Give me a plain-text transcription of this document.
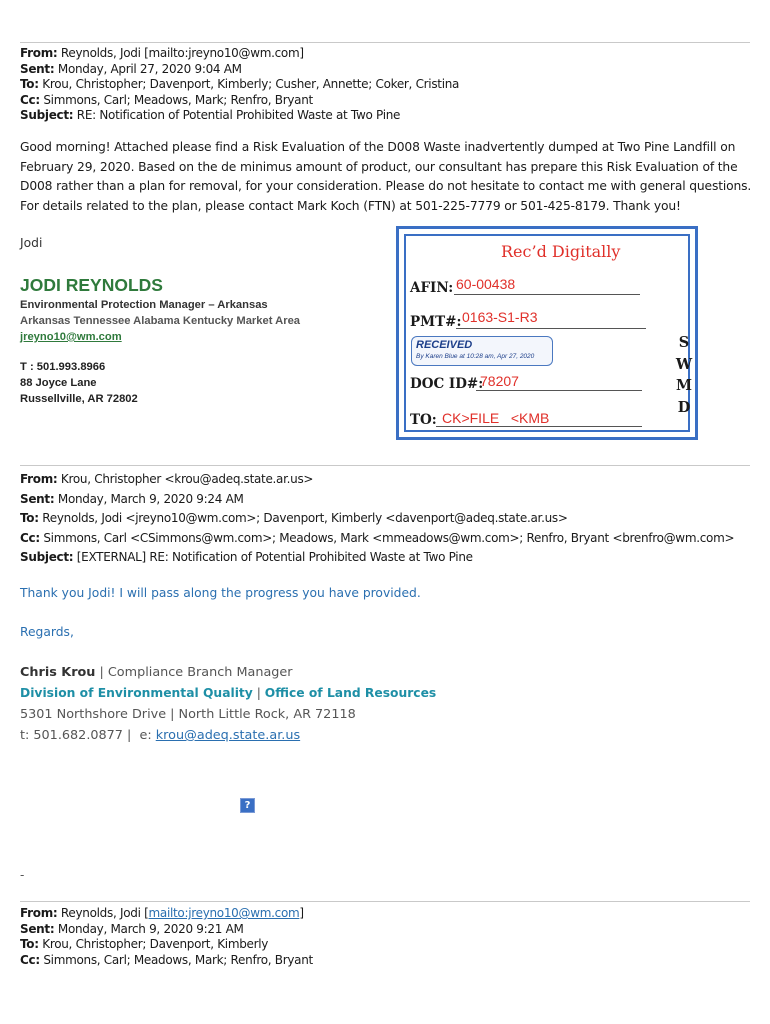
From: Reynolds, Jodi [mailto:jreyno10@wm.com]
Sent: Monday, April 27, 2020 9:04 AM
To: Krou, Christopher; Davenport, Kimberly; Cusher, Annette; Coker, Cristina
Cc: Simmons, Carl; Meadows, Mark; Renfro, Bryant
Subject: RE: Notification of Potential Prohibited Waste at Two Pine
Good morning! Attached please find a Risk Evaluation of the D008 Waste inadvertently dumped at Two Pine Landfill on February 29, 2020. Based on the de minimus amount of product, our consultant has prepare this Risk Evaluation of the D008 rather than a plan for removal, for your consideration. Please do not hesitate to contact me with general questions. For details related to the plan, please contact Mark Koch (FTN) at 501-225-7779 or 501-425-8179. Thank you!
Jodi
JODI REYNOLDS
Environmental Protection Manager – Arkansas
Arkansas Tennessee Alabama Kentucky Market Area
jreyno10@wm.com
T : 501.993.8966
88 Joyce Lane
Russellville, AR 72802
Rec’d Digitally
AFIN: 60-00438
PMT#: 0163-S1-R3
RECEIVED
By Karen Blue at 10:28 am, Apr 27, 2020
DOC ID#:
78207
TO: CK>FILE   <KMB
S
W
M
D
From: Krou, Christopher <krou@adeq.state.ar.us>
Sent: Monday, March 9, 2020 9:24 AM
To: Reynolds, Jodi <jreyno10@wm.com>; Davenport, Kimberly <davenport@adeq.state.ar.us>
Cc: Simmons, Carl <CSimmons@wm.com>; Meadows, Mark <mmeadows@wm.com>; Renfro, Bryant <brenfro@wm.com>
Subject: [EXTERNAL] RE: Notification of Potential Prohibited Waste at Two Pine
Thank you Jodi! I will pass along the progress you have provided.
Regards,
Chris Krou | Compliance Branch Manager
Division of Environmental Quality | Office of Land Resources
5301 Northshore Drive | North Little Rock, AR 72118
t: 501.682.0877 |  e: krou@adeq.state.ar.us
?
-
From: Reynolds, Jodi [mailto:jreyno10@wm.com]
Sent: Monday, March 9, 2020 9:21 AM
To: Krou, Christopher; Davenport, Kimberly
Cc: Simmons, Carl; Meadows, Mark; Renfro, Bryant
